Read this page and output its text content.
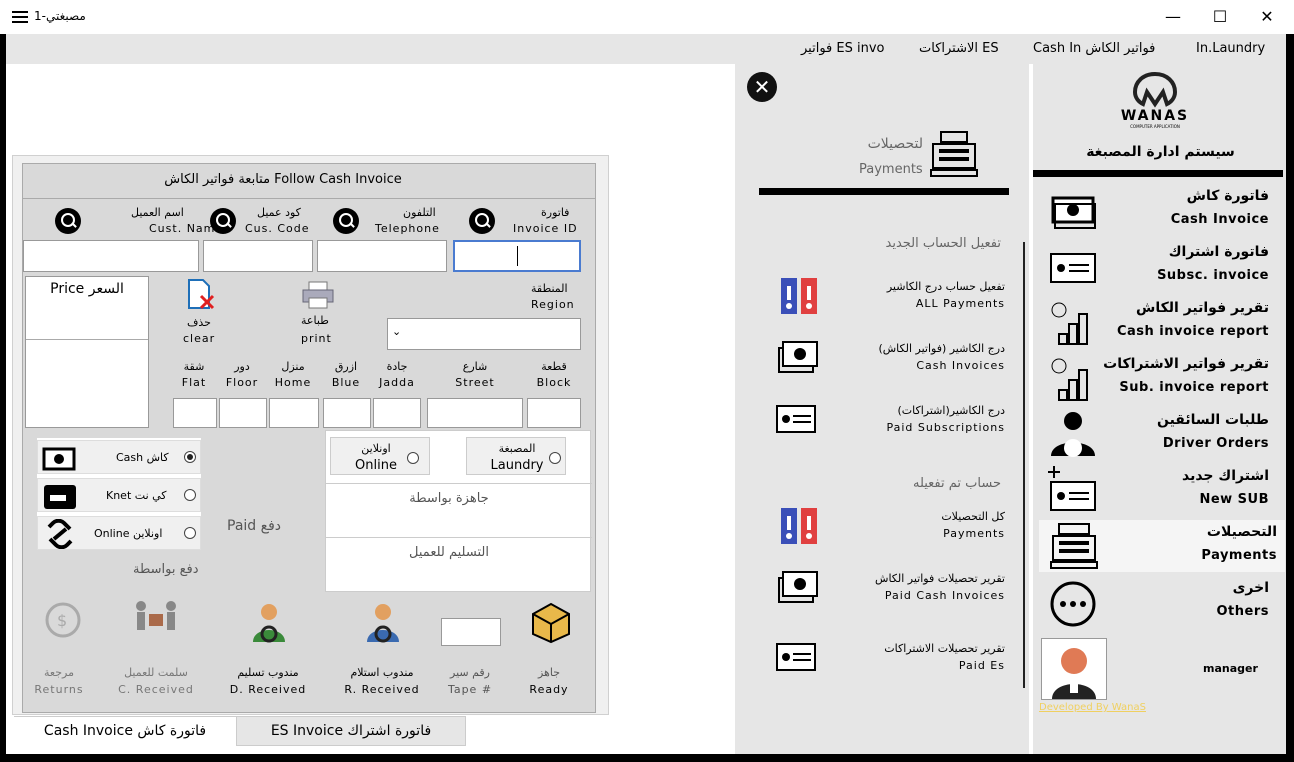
مصبغتي-1	—	☐	✕
In.Laundry
Cash In فواتير الكاش
الاشتراكات ES
فواتير ES invo
WANAS
COMPUTER APPLICATION
سيستم ادارة المصبغة
فاتورة كاش
Cash Invoice
فاتورة اشتراك
Subsc. invoice
تقرير فواتير الكاش
Cash invoice report
تقرير فواتير الاشتراكات
Sub. invoice report
طلبات السائقين
Driver Orders
اشتراك جديد
New SUB
التحصيلات
Payments
اخرى
Others
manager
Developed By WanaS
✕
لتحصيلات
Payments
تفعيل الحساب الجديد
تفعيل حساب درج الكاشير
ALL Payments
درج الكاشير (فواتير الكاش)
Cash Invoices
درج الكاشير(اشتراكات)
Paid Subscriptions
حساب تم تفعيله
كل التحصيلات
Payments
تقرير تحصيلات فواتير الكاش
Paid Cash Invoices
تقرير تحصيلات الاشتراكات
Paid Es
متابعة فواتير الكاش Follow Cash Invoice
فاتورة
Invoice ID
التلفون
Telephone
كود عميل
Cus. Code
اسم العميل
Cust. Name
Price السعر
حذف
clear
طباعة
print
المنطقة
Region
⌄
قطعة
Block
شارع
Street
جادة
Jadda
ازرق
Blue
منزل
Home
دور
Floor
شقة
Flat
Cash كاش
Knet كي نت
Online اونلاين	Paid دفع
دفع بواسطة
المصبغة
Laundry
اونلاين
Online
جاهزة بواسطة
التسليم للعميل
$
جاهز
Ready
رقم سير
Tape #
مندوب استلام
R. Received
مندوب تسليم
D. Received
سلمت للعميل
C. Received
مرجعة
Returns
Cash Invoice فاتورة كاش	ES Invoice فاتورة اشتراك
